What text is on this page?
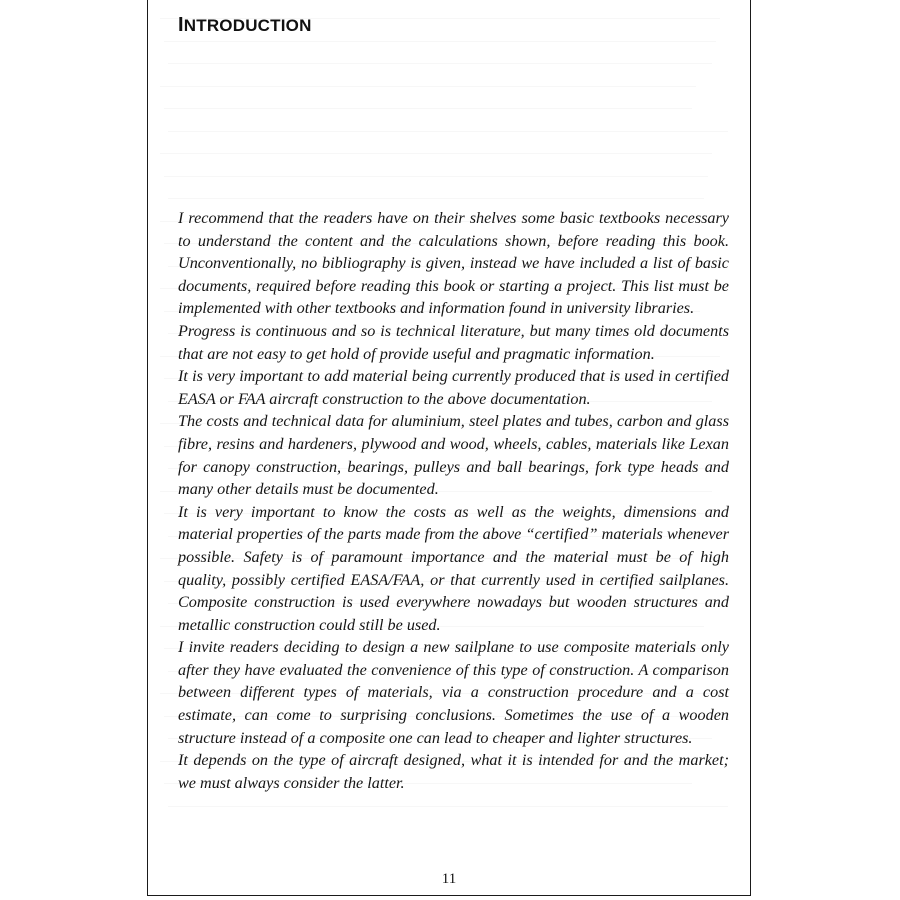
INTRODUCTION

I recommend that the readers have on their shelves some basic textbooks necessary to understand the content and the calculations shown, before reading this book. Unconventionally, no bibliography is given, instead we have included a list of basic documents, required before reading this book or starting a project. This list must be implemented with other textbooks and information found in university libraries.

Progress is continuous and so is technical literature, but many times old documents that are not easy to get hold of provide useful and pragmatic information.

It is very important to add material being currently produced that is used in certified EASA or FAA aircraft construction to the above documentation.

The costs and technical data for aluminium, steel plates and tubes, carbon and glass fibre, resins and hardeners, plywood and wood, wheels, cables, materials like Lexan for canopy construction, bearings, pulleys and ball bearings, fork type heads and many other details must be documented.

It is very important to know the costs as well as the weights, dimensions and material properties of the parts made from the above “certified” materials whenever possible. Safety is of paramount importance and the material must be of high quality, possibly certified EASA/FAA, or that currently used in certified sailplanes. Composite construction is used everywhere nowadays but wooden structures and metallic construction could still be used.

I invite readers deciding to design a new sailplane to use composite materials only after they have evaluated the convenience of this type of construction. A comparison between different types of materials, via a construction procedure and a cost estimate, can come to surprising conclusions. Sometimes the use of a wooden structure instead of a composite one can lead to cheaper and lighter structures.

It depends on the type of aircraft designed, what it is intended for and the market; we must always consider the latter.

11
